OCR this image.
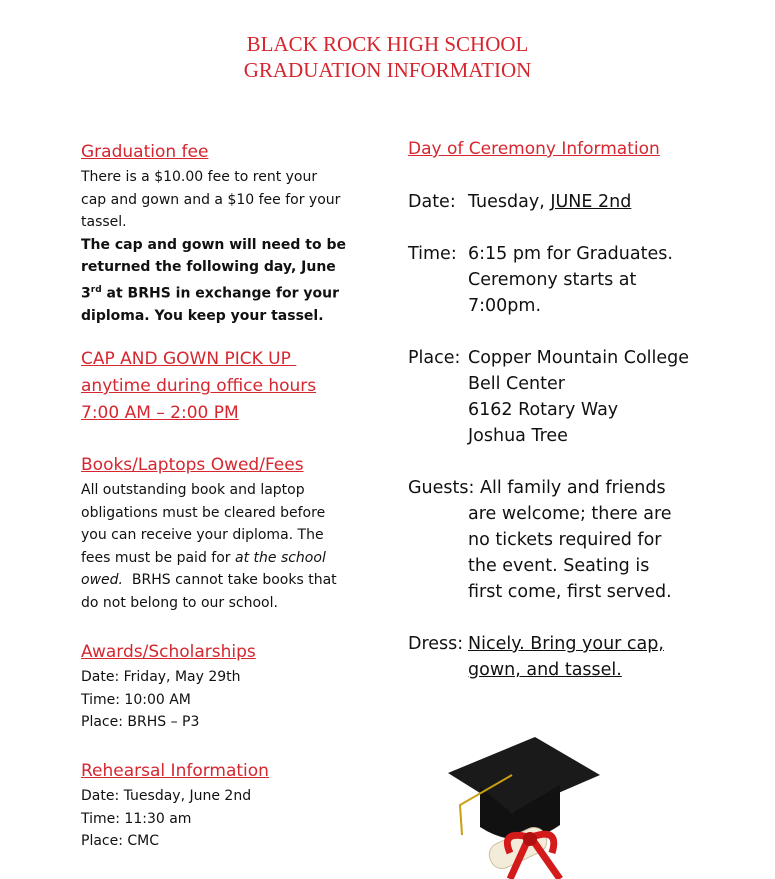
BLACK ROCK HIGH SCHOOL
GRADUATION INFORMATION
Graduation fee
There is a $10.00 fee to rent your
cap and gown and a $10 fee for your
tassel.
The cap and gown will need to be
returned the following day, June
3rd at BRHS in exchange for your
diploma. You keep your tassel.
CAP AND GOWN PICK UP
anytime during office hours
7:00 AM – 2:00 PM
Books/Laptops Owed/Fees
All outstanding book and laptop
obligations must be cleared before
you can receive your diploma. The
fees must be paid for at the school
owed.  BRHS cannot take books that
do not belong to our school.
Awards/Scholarships
Date: Friday, May 29th
Time: 10:00 AM
Place: BRHS – P3
Rehearsal Information
Date: Tuesday, June 2nd
Time: 11:30 am
Place: CMC
Day of Ceremony Information
Date: Tuesday, JUNE 2nd
Time: 6:15 pm for Graduates.
Ceremony starts at
7:00pm.
Place: Copper Mountain College
Bell Center
6162 Rotary Way
Joshua Tree
Guests: All family and friends
are welcome; there are
no tickets required for
the event. Seating is
first come, first served.
Dress: Nicely. Bring your cap,
gown, and tassel.
